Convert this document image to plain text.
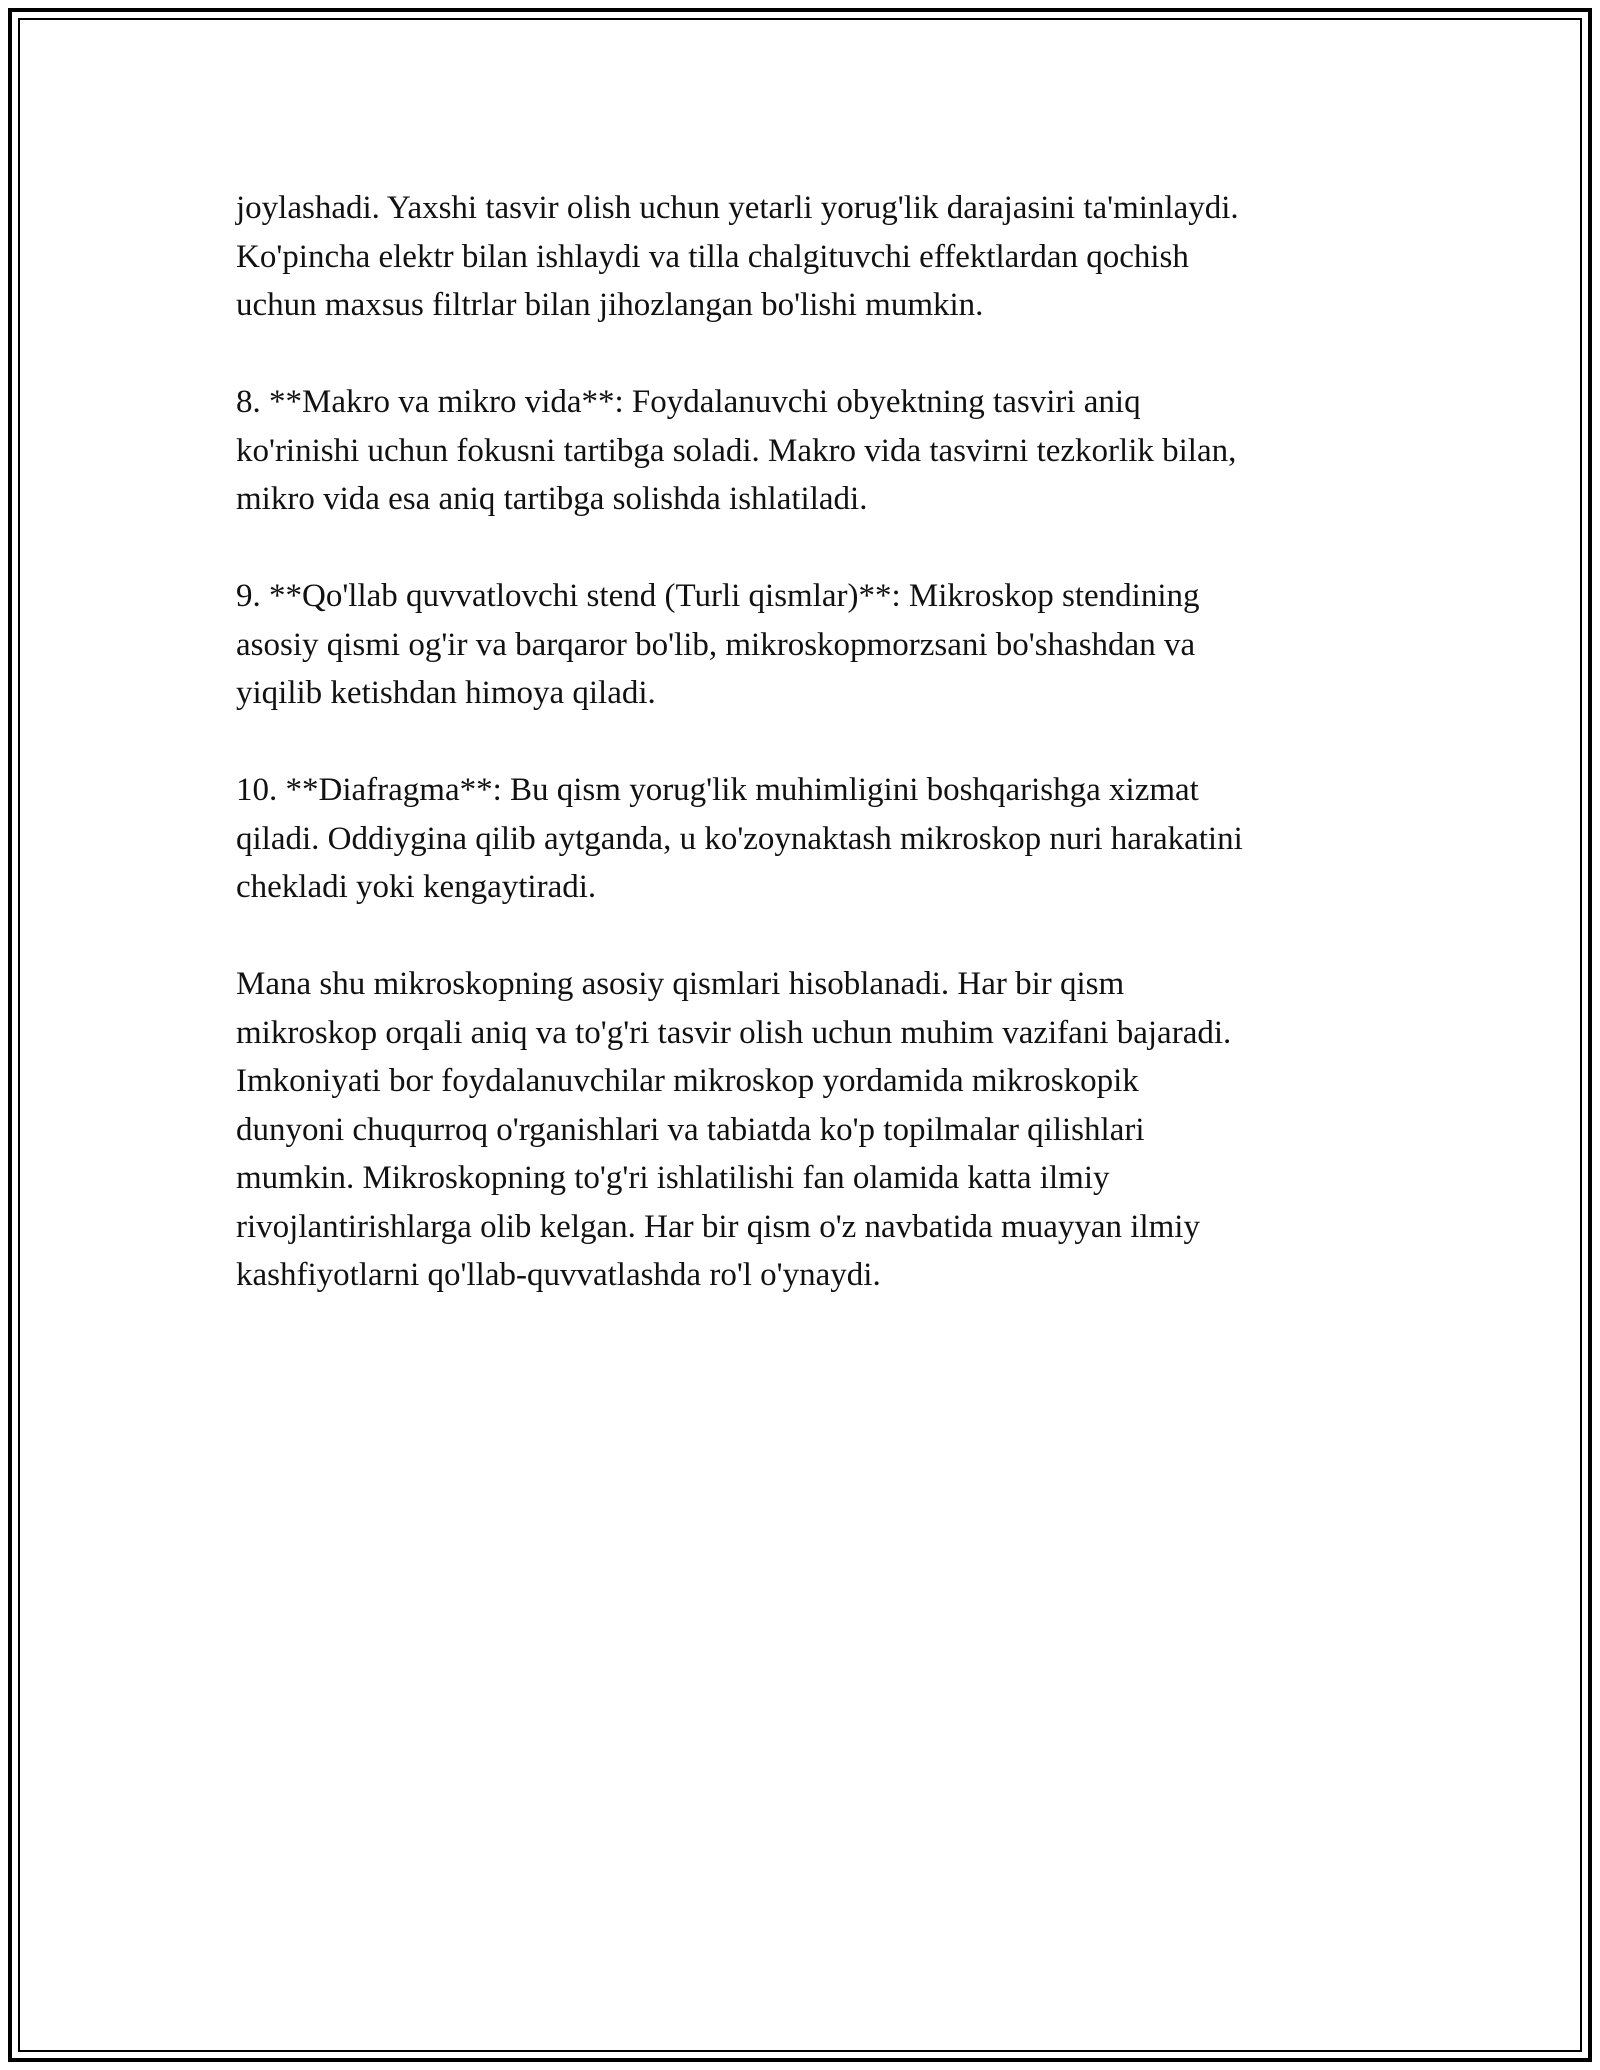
joylashadi. Yaxshi tasvir olish uchun yetarli yorug'lik darajasini ta'minlaydi.
Ko'pincha elektr bilan ishlaydi va tilla chalgituvchi effektlardan qochish
uchun maxsus filtrlar bilan jihozlangan bo'lishi mumkin.
8. **Makro va mikro vida**: Foydalanuvchi obyektning tasviri aniq
ko'rinishi uchun fokusni tartibga soladi. Makro vida tasvirni tezkorlik bilan,
mikro vida esa aniq tartibga solishda ishlatiladi.
9. **Qo'llab quvvatlovchi stend (Turli qismlar)**: Mikroskop stendining
asosiy qismi og'ir va barqaror bo'lib, mikroskopmorzsani bo'shashdan va
yiqilib ketishdan himoya qiladi.
10. **Diafragma**: Bu qism yorug'lik muhimligini boshqarishga xizmat
qiladi. Oddiygina qilib aytganda, u ko'zoynaktash mikroskop nuri harakatini
chekladi yoki kengaytiradi.
Mana shu mikroskopning asosiy qismlari hisoblanadi. Har bir qism
mikroskop orqali aniq va to'g'ri tasvir olish uchun muhim vazifani bajaradi.
Imkoniyati bor foydalanuvchilar mikroskop yordamida mikroskopik
dunyoni chuqurroq o'rganishlari va tabiatda ko'p topilmalar qilishlari
mumkin. Mikroskopning to'g'ri ishlatilishi fan olamida katta ilmiy
rivojlantirishlarga olib kelgan. Har bir qism o'z navbatida muayyan ilmiy
kashfiyotlarni qo'llab-quvvatlashda ro'l o'ynaydi.
